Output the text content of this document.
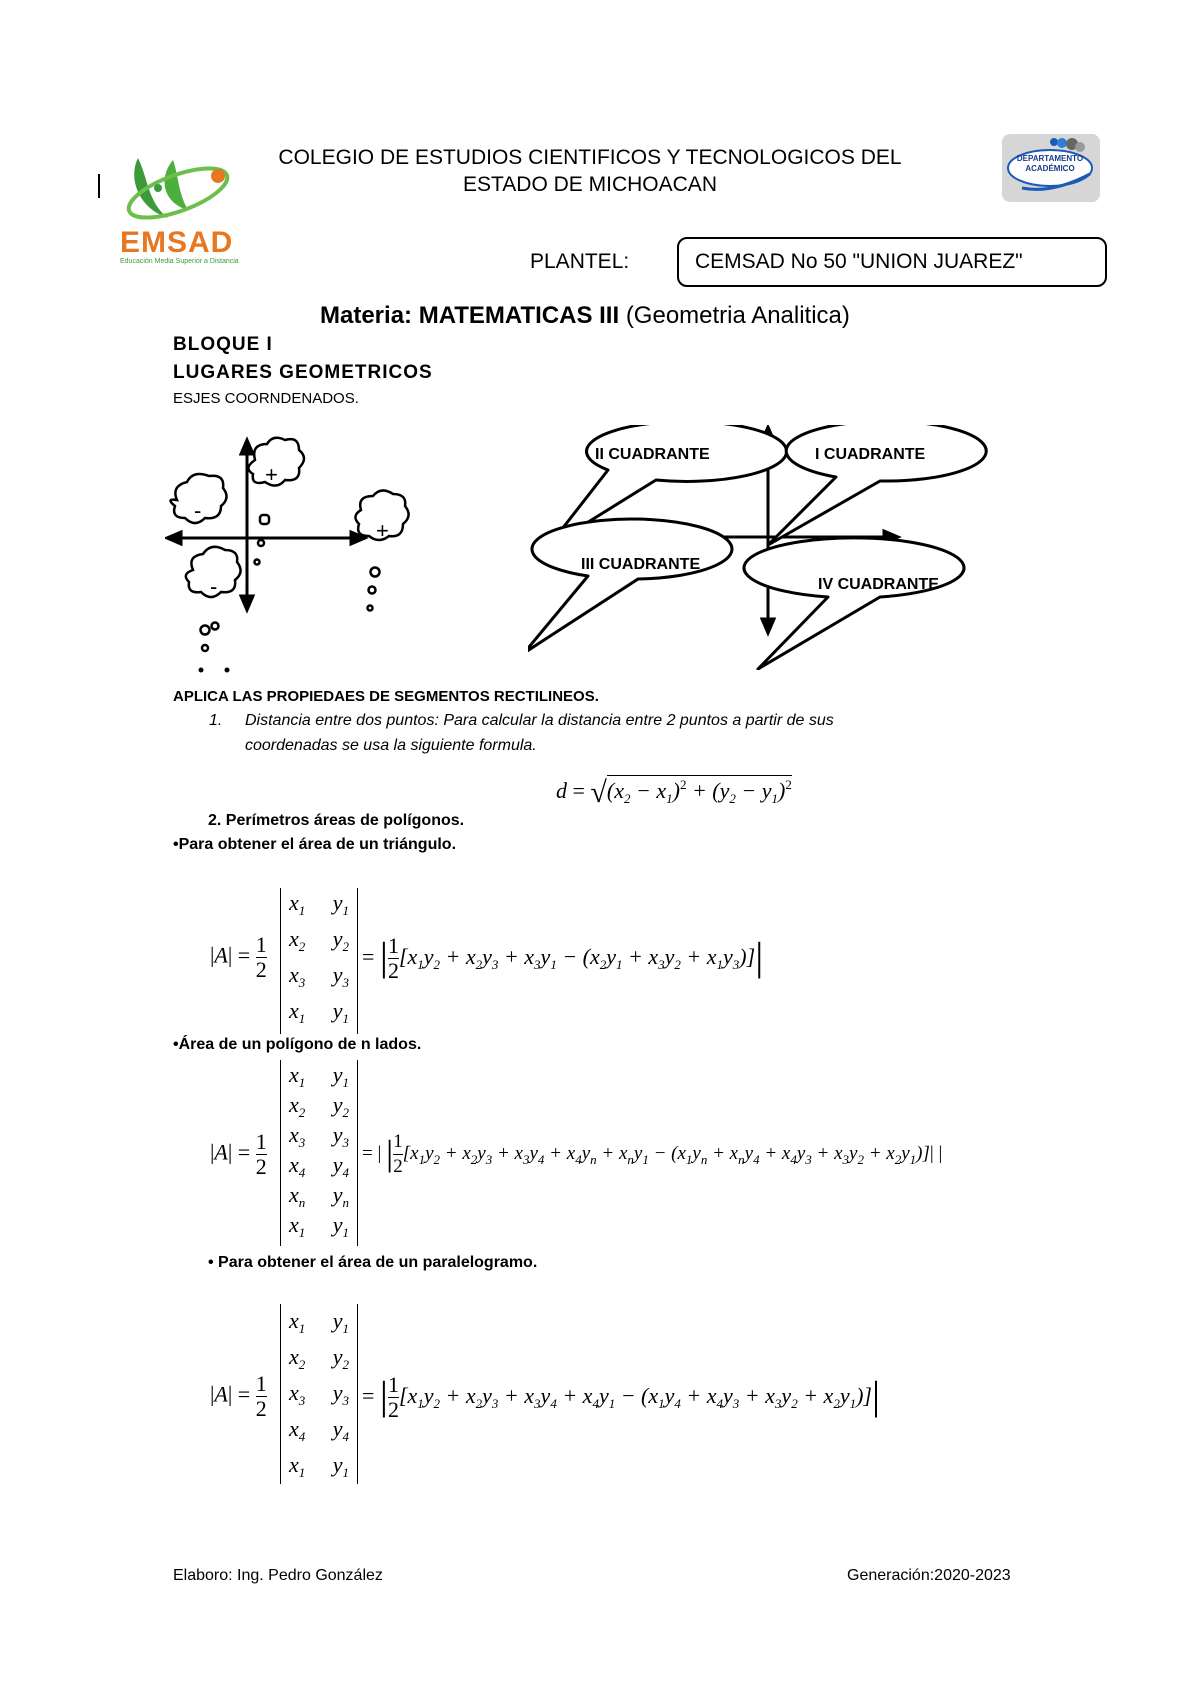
EMSAD
Educación Media Superior a Distancia
COLEGIO DE ESTUDIOS CIENTIFICOS Y TECNOLOGICOS DEL
ESTADO DE MICHOACAN
DEPARTAMENTO ACADÉMICO
PLANTEL:	CEMSAD No 50 "UNION JUAREZ"
Materia: MATEMATICAS III (Geometria Analitica)
BLOQUE I
LUGARES GEOMETRICOS
ESJES COORNDENADOS.
+
-
+
-
II CUADRANTE	I CUADRANTE
III CUADRANTE
IV CUADRANTE
APLICA LAS PROPIEDAES DE SEGMENTOS RECTILINEOS.
1. Distancia entre dos puntos: Para calcular la distancia entre 2 puntos a partir de sus
coordenadas se usa la siguiente formula.
$d = √(x_2 - x_1)^2 + (y_2 - y_1)^2$
2. Perímetros áreas de polígonos.
•Para obtener el área de un triángulo.
$|A| = \frac{1}{2}$
$x_1$ $y_1$
$x_2$ $y_2$
$x_3$ $y_3$
$x_1$ $y_1$
= | $\frac{1}{2} [x_1y_2 + x_2y_3 + x_3y_1 - (x_2y_1 + x_3y_2 + x_1y_3)]|$
•Área de un polígono de n lados.
$|A| = \frac{1}{2}$
$x_1$ $y_1$
$x_2$ $y_2$
$x_3$ $y_3$
$x_4$ $y_4$
$x_n$ $y_n$
$x_1$ $y_1$
= | | $\frac{1}{2} [x_1y_2 + x_2y_3 + x_3y_4 + x_4y_n + x_ny_1 - (x_1y_n + x_ny_4 + x_4y_3 + x_3y_2 + x_2y_1)]|$ |
• Para obtener el área de un paralelogramo.
$|A| = \frac{1}{2}$
$x_1$ $y_1$
$x_2$ $y_2$
$x_3$ $y_3$
$x_4$ $y_4$
$x_1$ $y_1$
= | $\frac{1}{2} [x_1y_2 + x_2y_3 + x_3y_4 + x_4y_1 - (x_1y_4 + x_4y_3 + x_3y_2 + x_2y_1)]|$
Elaboro: Ing. Pedro González	Generación:2020-2023
